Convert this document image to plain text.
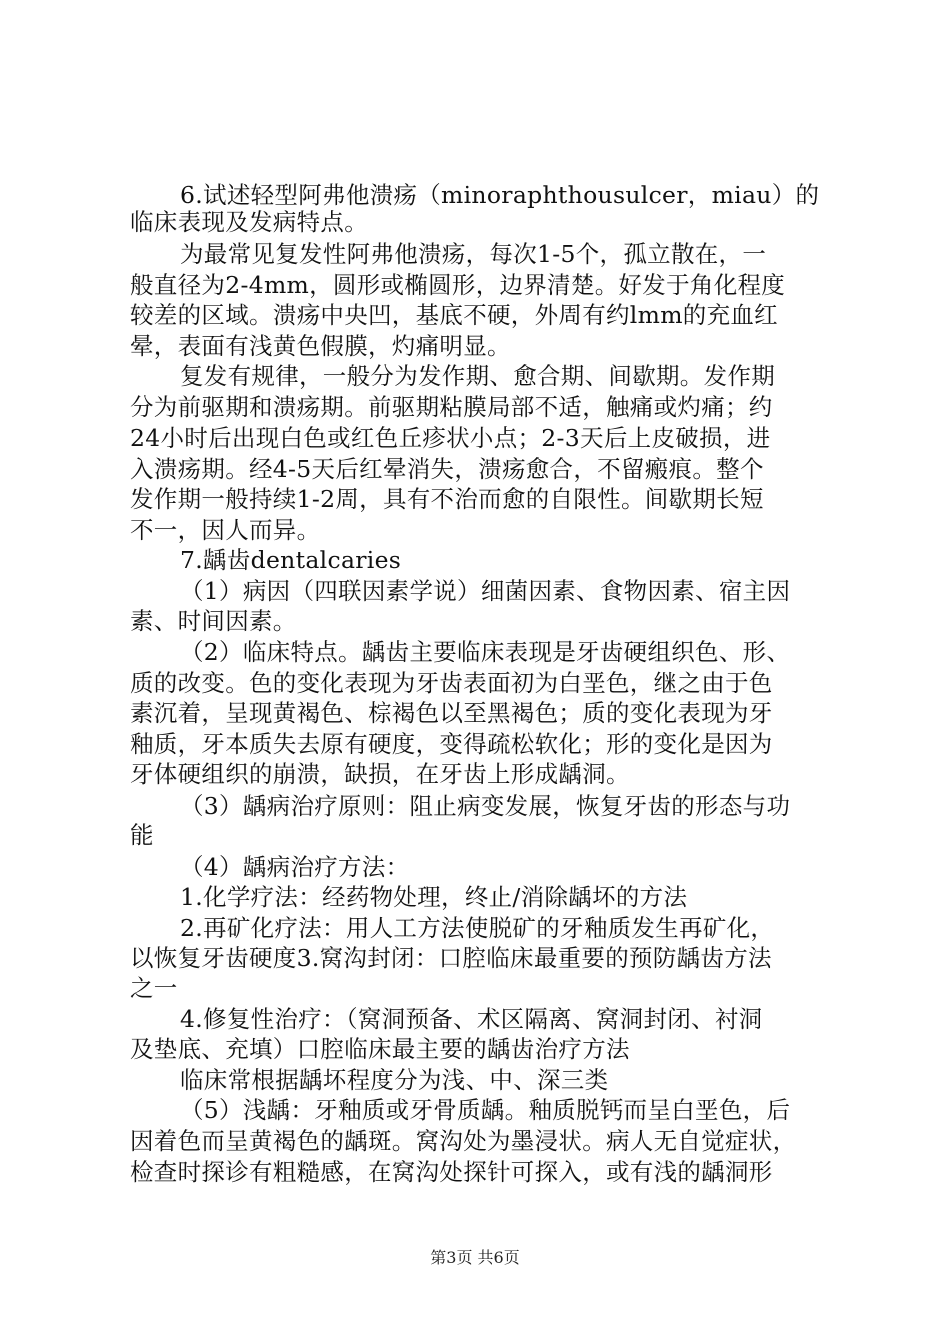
6.试述轻型阿弗他溃疡（minoraphthousulcer，miau）的
临床表现及发病特点。
为最常见复发性阿弗他溃疡，每次1-5个，孤立散在，一
般直径为2-4mm，圆形或椭圆形，边界清楚。好发于角化程度
较差的区域。溃疡中央凹，基底不硬，外周有约lmm的充血红
晕，表面有浅黄色假膜，灼痛明显。
复发有规律，一般分为发作期、愈合期、间歇期。发作期
分为前驱期和溃疡期。前驱期粘膜局部不适，触痛或灼痛；约
24小时后出现白色或红色丘疹状小点；2-3天后上皮破损，进
入溃疡期。经4-5天后红晕消失，溃疡愈合，不留瘢痕。整个
发作期一般持续1-2周，具有不治而愈的自限性。间歇期长短
不一，因人而异。
7.龋齿dentalcaries
（1）病因（四联因素学说）细菌因素、食物因素、宿主因
素、时间因素。
（2）临床特点。龋齿主要临床表现是牙齿硬组织色、形、
质的改变。色的变化表现为牙齿表面初为白垩色，继之由于色
素沉着，呈现黄褐色、棕褐色以至黑褐色；质的变化表现为牙
釉质，牙本质失去原有硬度，变得疏松软化；形的变化是因为
牙体硬组织的崩溃，缺损，在牙齿上形成龋洞。
（3）龋病治疗原则：阻止病变发展，恢复牙齿的形态与功
能
（4）龋病治疗方法：
1.化学疗法：经药物处理，终止/消除龋坏的方法
2.再矿化疗法：用人工方法使脱矿的牙釉质发生再矿化，
以恢复牙齿硬度3.窝沟封闭：口腔临床最重要的预防龋齿方法
之一
4.修复性治疗：（窝洞预备、术区隔离、窝洞封闭、衬洞
及垫底、充填）口腔临床最主要的龋齿治疗方法
临床常根据龋坏程度分为浅、中、深三类
（5）浅龋：牙釉质或牙骨质龋。釉质脱钙而呈白垩色，后
因着色而呈黄褐色的龋斑。窝沟处为墨浸状。病人无自觉症状，
检查时探诊有粗糙感，在窝沟处探针可探入，或有浅的龋洞形
第3页 共6页
